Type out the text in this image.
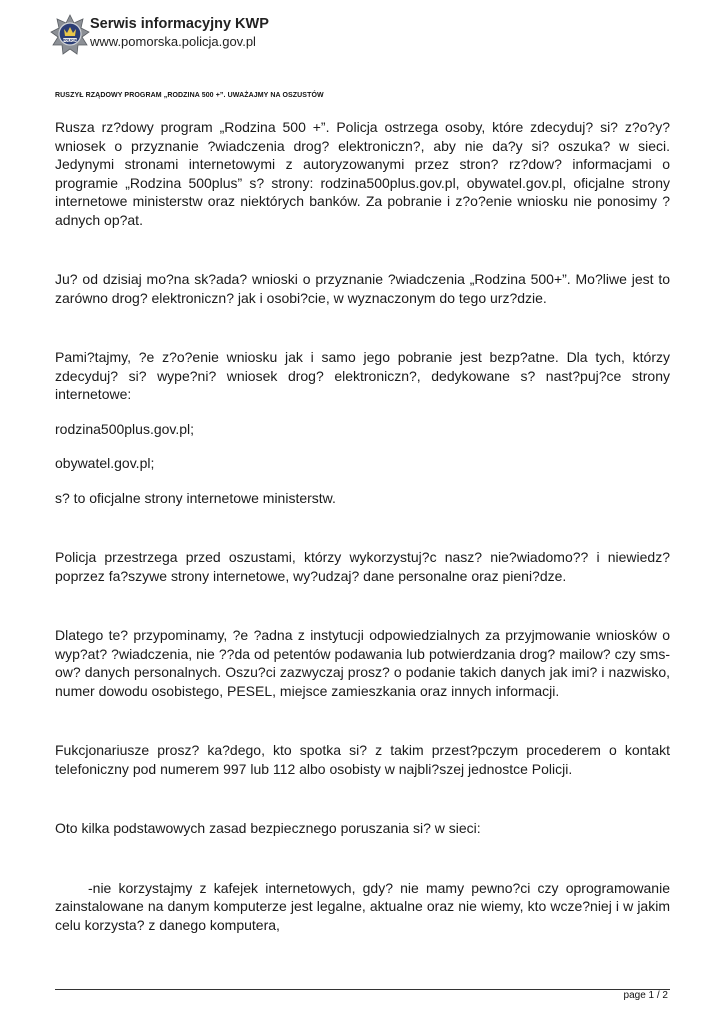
POLICJA
Serwis informacyjny KWP
www.pomorska.policja.gov.pl
RUSZYŁ RZĄDOWY PROGRAM „RODZINA 500 +”. UWAŻAJMY NA OSZUSTÓW

Rusza rz?dowy program „Rodzina 500 +”. Policja ostrzega osoby, które zdecyduj? si? z?o?y? wniosek o przyznanie ?wiadczenia drog? elektroniczn?, aby nie da?y si? oszuka? w sieci. Jedynymi stronami internetowymi z autoryzowanymi przez stron? rz?dow? informacjami o programie „Rodzina 500plus” s? strony: rodzina500plus.gov.pl, obywatel.gov.pl, oficjalne strony internetowe ministerstw oraz niektórych banków. Za pobranie i z?o?enie wniosku nie ponosimy ?adnych op?at.

Ju? od dzisiaj mo?na sk?ada? wnioski o przyznanie ?wiadczenia „Rodzina 500+”. Mo?liwe jest to zarówno drog? elektroniczn? jak i osobi?cie, w wyznaczonym do tego urz?dzie.

Pami?tajmy, ?e z?o?enie wniosku jak i samo jego pobranie jest bezp?atne. Dla tych, którzy zdecyduj? si? wype?ni? wniosek drog? elektroniczn?, dedykowane s? nast?puj?ce strony internetowe:

rodzina500plus.gov.pl;

obywatel.gov.pl;

s? to oficjalne strony internetowe ministerstw.

Policja przestrzega przed oszustami, którzy wykorzystuj?c nasz? nie?wiadomo?? i niewiedz? poprzez fa?szywe strony internetowe, wy?udzaj? dane personalne oraz pieni?dze.

Dlatego te? przypominamy, ?e ?adna z instytucji odpowiedzialnych za przyjmowanie wniosków o wyp?at? ?wiadczenia, nie ??da od petentów podawania lub potwierdzania drog? mailow? czy sms-ow? danych personalnych. Oszu?ci zazwyczaj prosz? o podanie takich danych jak imi? i nazwisko, numer dowodu osobistego, PESEL, miejsce zamieszkania oraz innych informacji.

Fukcjonariusze prosz? ka?dego, kto spotka si? z takim przest?pczym procederem o kontakt telefoniczny pod numerem 997 lub 112 albo osobisty w najbli?szej jednostce Policji.

Oto kilka podstawowych zasad bezpiecznego poruszania si? w sieci:

-nie korzystajmy z kafejek internetowych, gdy? nie mamy pewno?ci czy oprogramowanie zainstalowane na danym komputerze jest legalne, aktualne oraz nie wiemy, kto wcze?niej i w jakim celu korzysta? z danego komputera,

page 1 / 2
